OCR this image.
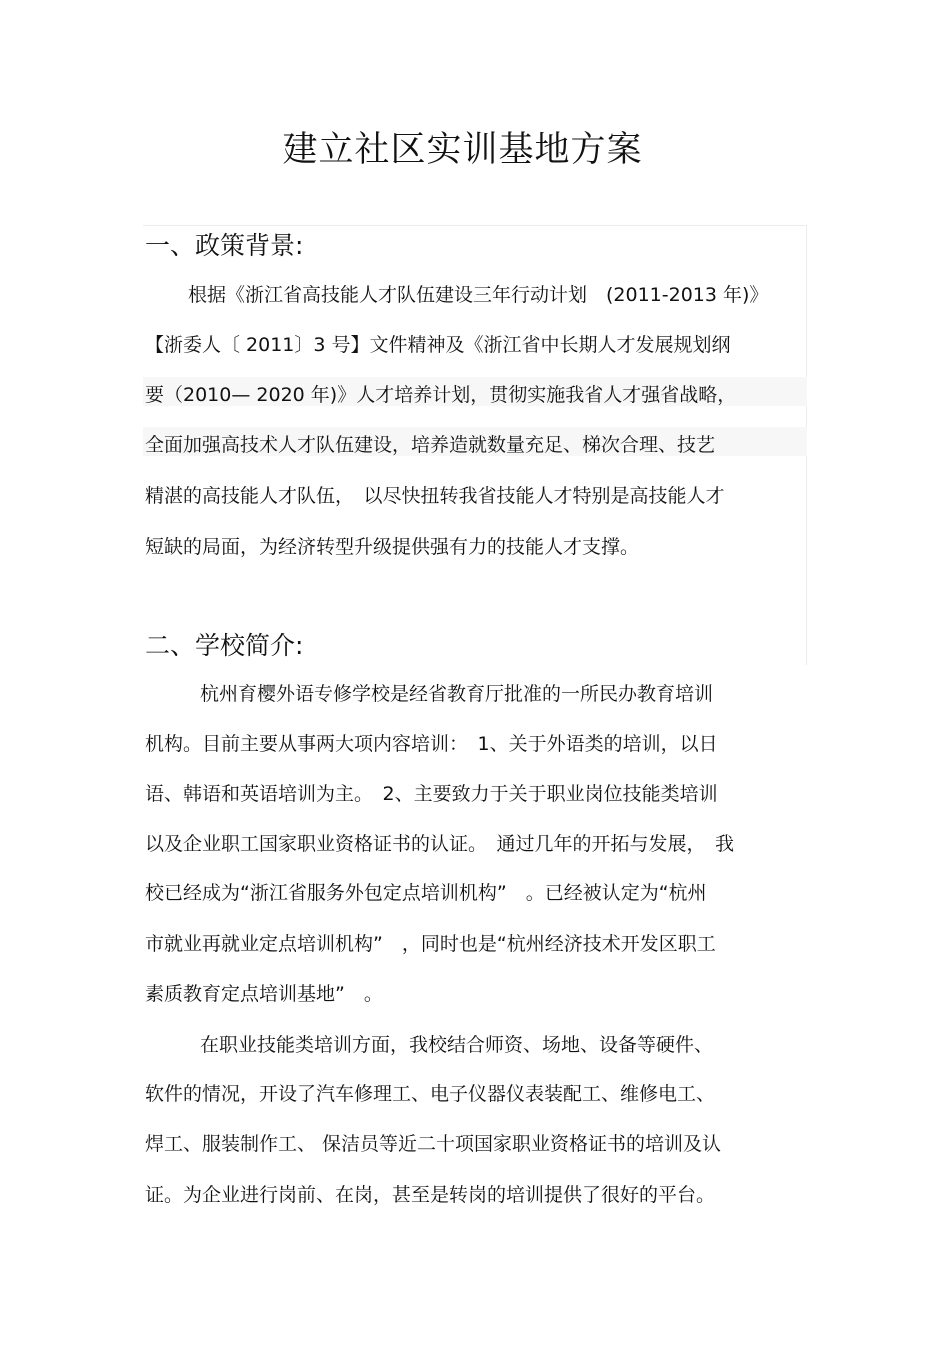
建立社区实训基地方案
一、政策背景:
根据《浙江省高技能人才队伍建设三年行动计划　(2011-2013 年)》
【浙委人〔 2011〕3 号】文件精神及《浙江省中长期人才发展规划纲
要（2010— 2020 年)》人才培养计划，贯彻实施我省人才强省战略，
全面加强高技术人才队伍建设，培养造就数量充足、梯次合理、技艺
精湛的高技能人才队伍，　以尽快扭转我省技能人才特别是高技能人才
短缺的局面，为经济转型升级提供强有力的技能人才支撑。
二、学校简介:
杭州育樱外语专修学校是经省教育厅批准的一所民办教育培训
机构。目前主要从事两大项内容培训：　1、关于外语类的培训，以日
语、韩语和英语培训为主。　2、主要致力于关于职业岗位技能类培训
以及企业职工国家职业资格证书的认证。　通过几年的开拓与发展，　我
校已经成为“浙江省服务外包定点培训机构”　。已经被认定为“杭州
市就业再就业定点培训机构”　，同时也是“杭州经济技术开发区职工
素质教育定点培训基地”　。
在职业技能类培训方面，我校结合师资、场地、设备等硬件、
软件的情况，开设了汽车修理工、电子仪器仪表装配工、维修电工、
焊工、服装制作工、 保洁员等近二十项国家职业资格证书的培训及认
证。为企业进行岗前、在岗，甚至是转岗的培训提供了很好的平台。
